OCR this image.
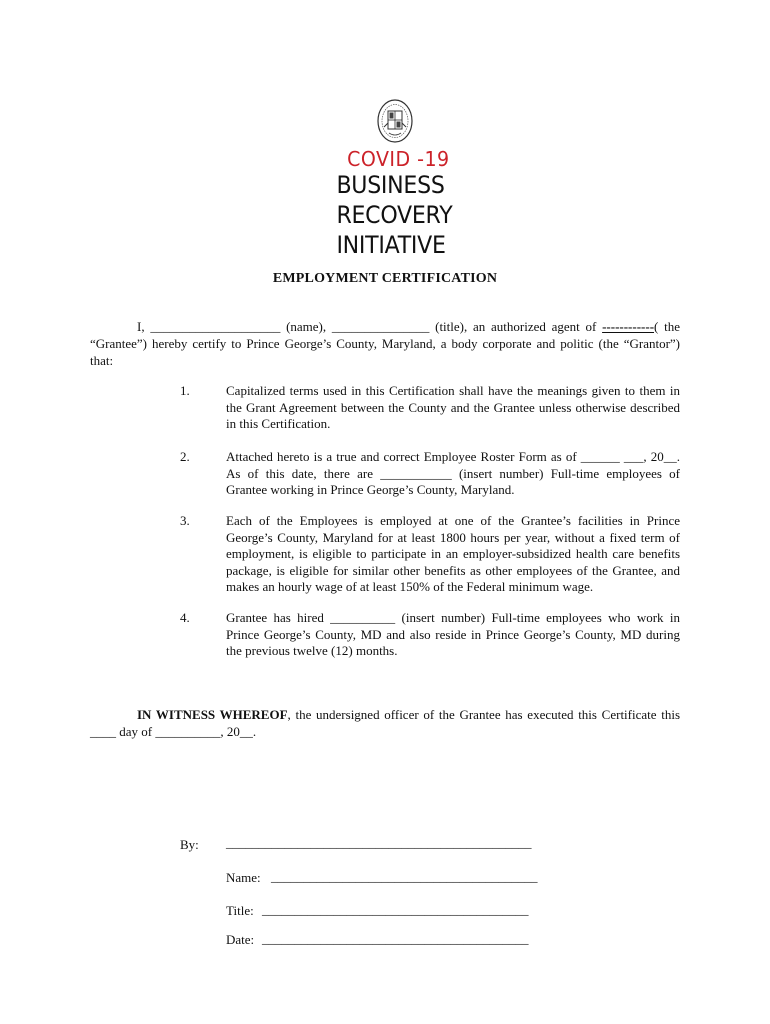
COVID -19
BUSINESS
RECOVERY
INITIATIVE
EMPLOYMENT CERTIFICATION
I, ____________________ (name), _______________ (title), an authorized agent of ------------( the “Grantee”) hereby certify to Prince George’s County, Maryland, a body corporate and politic (the “Grantor”) that:
1.	Capitalized terms used in this Certification shall have the meanings given to them in the Grant Agreement between the County and the Grantee unless otherwise described in this Certification.
2.	Attached hereto is a true and correct Employee Roster Form as of ______ ___, 20__. As of this date, there are ___________ (insert number) Full-time employees of Grantee working in Prince George’s County, Maryland.
3.	Each of the Employees is employed at one of the Grantee’s facilities in Prince George’s County, Maryland for at least 1800 hours per year, without a fixed term of employment, is eligible to participate in an employer-subsidized health care benefits package, is eligible for similar other benefits as other employees of the Grantee, and makes an hourly wage of at least 150% of the Federal minimum wage.
4.	Grantee has hired __________ (insert number) Full-time employees who work in Prince George’s County, MD and also reside in Prince George’s County, MD during the previous twelve (12) months.
IN WITNESS WHEREOF, the undersigned officer of the Grantee has executed this Certificate this ____ day of __________, 20__.
By: _______________________________________________
Name: _________________________________________
Title: _________________________________________
Date: _________________________________________
